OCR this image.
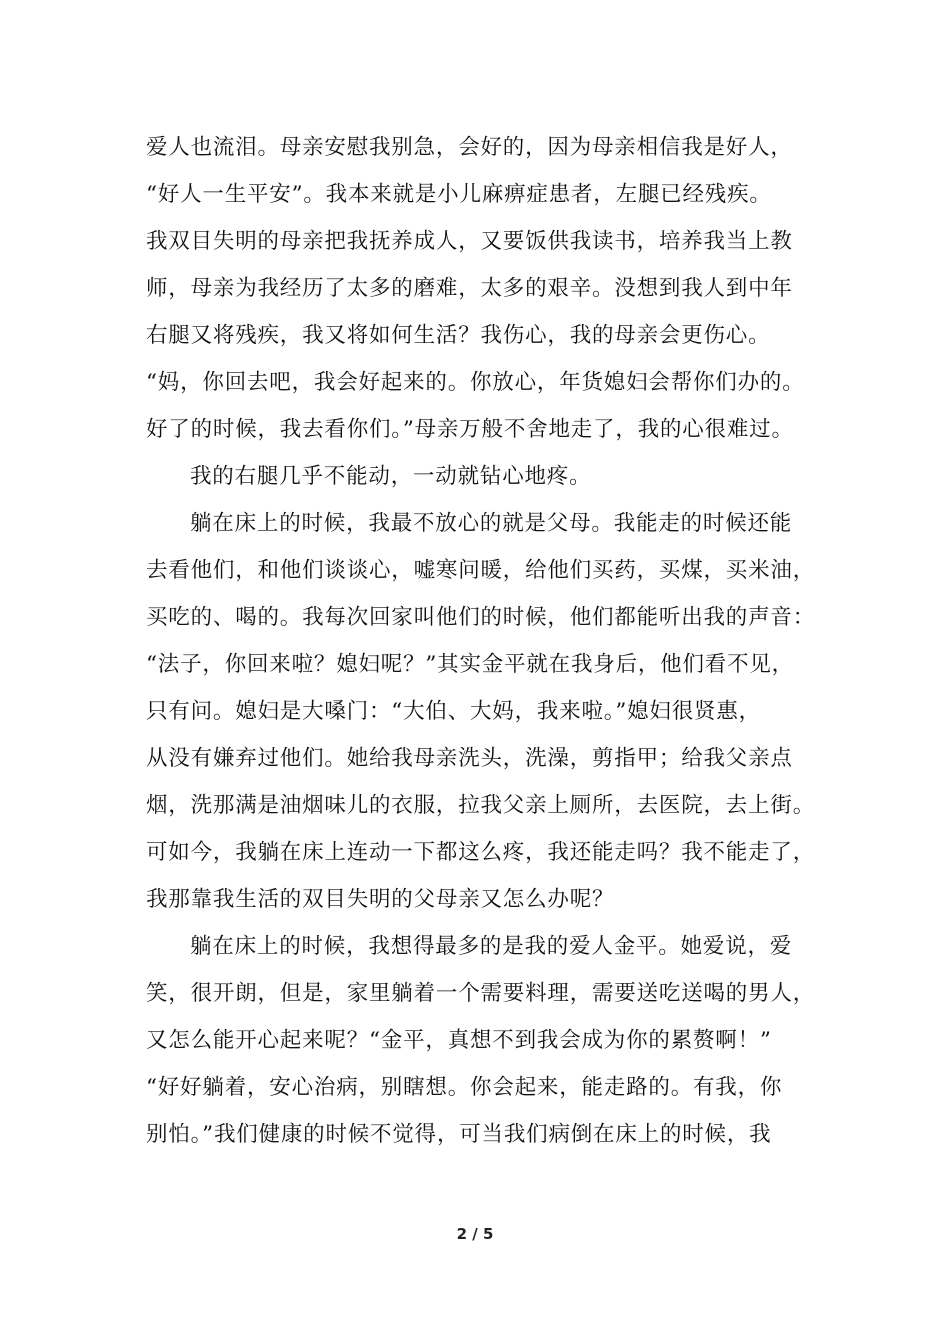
爱人也流泪。母亲安慰我别急，会好的，因为母亲相信我是好人，
“好人一生平安”。我本来就是小儿麻痹症患者，左腿已经残疾。
我双目失明的母亲把我抚养成人，又要饭供我读书，培养我当上教
师，母亲为我经历了太多的磨难，太多的艰辛。没想到我人到中年
右腿又将残疾，我又将如何生活？我伤心，我的母亲会更伤心。
“妈，你回去吧，我会好起来的。你放心，年货媳妇会帮你们办的。
好了的时候，我去看你们。”母亲万般不舍地走了，我的心很难过。
我的右腿几乎不能动，一动就钻心地疼。
躺在床上的时候，我最不放心的就是父母。我能走的时候还能
去看他们，和他们谈谈心，嘘寒问暖，给他们买药，买煤，买米油，
买吃的、喝的。我每次回家叫他们的时候，他们都能听出我的声音：
“法子，你回来啦？媳妇呢？”其实金平就在我身后，他们看不见，
只有问。媳妇是大嗓门：“大伯、大妈，我来啦。”媳妇很贤惠，
从没有嫌弃过他们。她给我母亲洗头，洗澡，剪指甲；给我父亲点
烟，洗那满是油烟味儿的衣服，拉我父亲上厕所，去医院，去上街。
可如今，我躺在床上连动一下都这么疼，我还能走吗？我不能走了，
我那靠我生活的双目失明的父母亲又怎么办呢？
躺在床上的时候，我想得最多的是我的爱人金平。她爱说，爱
笑，很开朗，但是，家里躺着一个需要料理，需要送吃送喝的男人，
又怎么能开心起来呢？“金平，真想不到我会成为你的累赘啊！”
“好好躺着，安心治病，别瞎想。你会起来，能走路的。有我，你
别怕。”我们健康的时候不觉得，可当我们病倒在床上的时候，我
2 / 5
